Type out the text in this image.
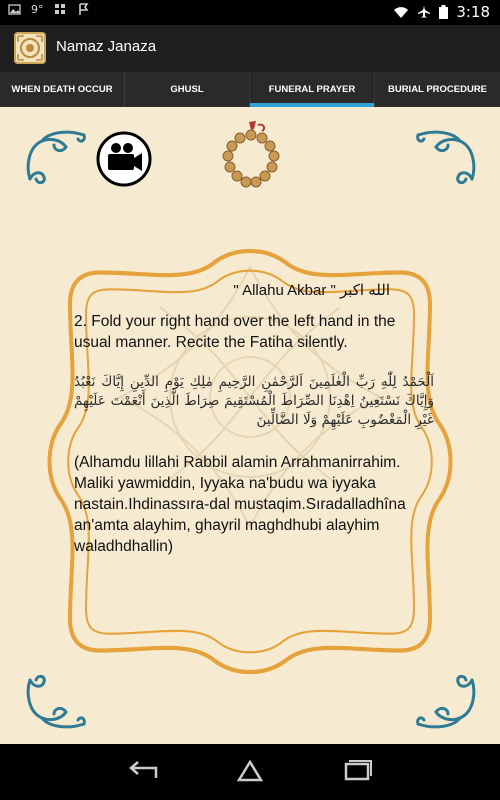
9°	3:18
Namaz Janaza
WHEN DEATH OCCUR	GHUSL	FUNERAL PRAYER	BURIAL PROCEDURE
" Allahu Akbar " الله اكبر
2. Fold your right hand over the left hand in the usual manner. Recite the Fatiha silently.
اَلْحَمْدُ لِلّٰهِ رَبِّ الْعٰلَمِينَ اَلرَّحْمٰنِ الرَّحِيمِ مٰلِكِ يَوْمِ الدِّينِ إِيَّاكَ نَعْبُدُ وَإِيَّاكَ نَسْتَعِينُ اِهْدِنَا الصِّرَاطَ الْمُسْتَقِيمَ صِرَاطَ الَّذِينَ أَنْعَمْتَ عَلَيْهِمْ غَيْرِ الْمَغْضُوبِ عَلَيْهِمْ وَلَا الضَّالِّينَ
(Alhamdu lillahi Rabbil alamin Arrahmanirrahim. Maliki yawmiddin, Iyyaka na'budu wa iyyaka nastain.Ihdinassıra-dal mustaqim.Sıradalladhîna an'amta alayhim, ghayril maghdhubi alayhim waladhdhallin)
